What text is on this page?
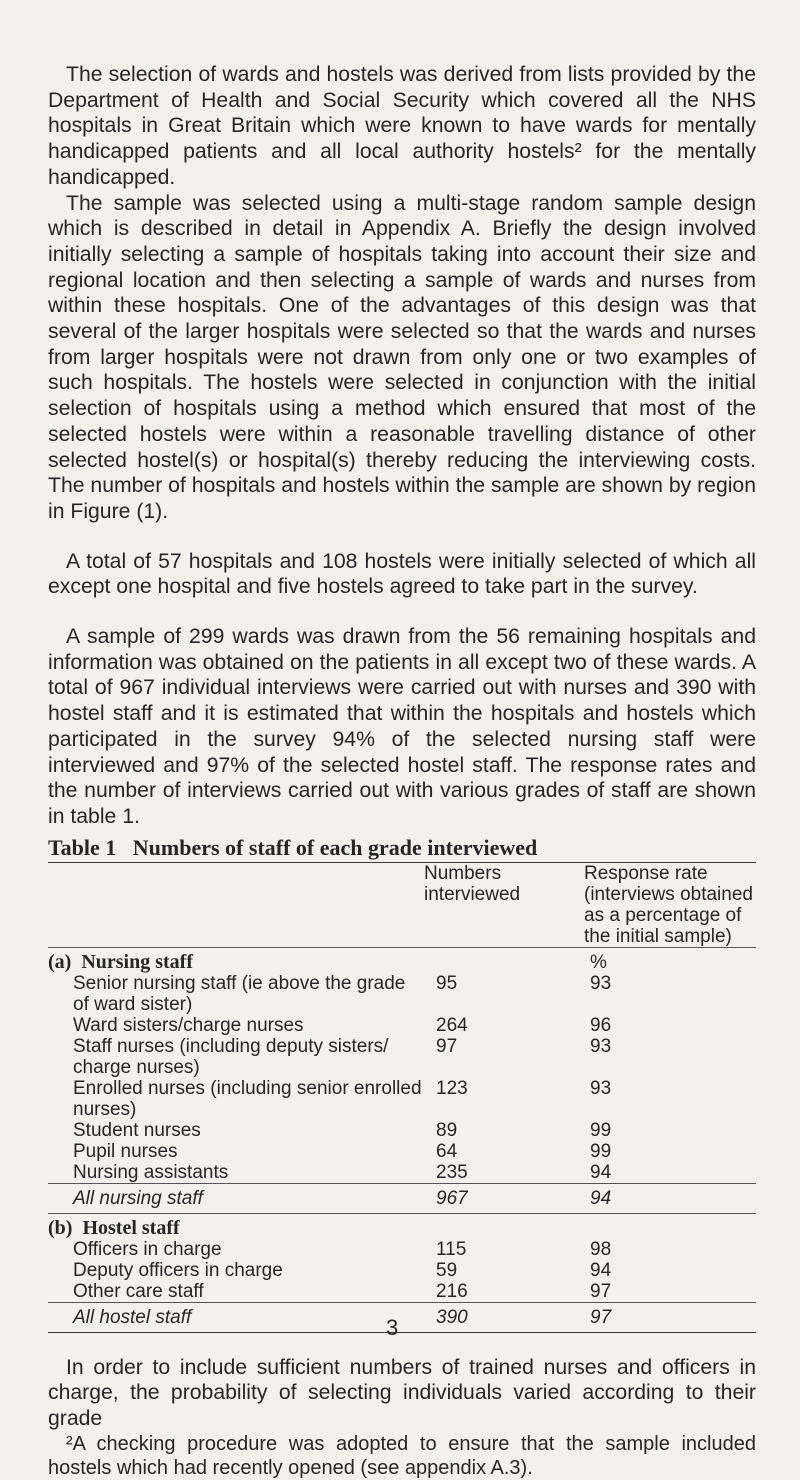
The selection of wards and hostels was derived from lists provided by the Department of Health and Social Security which covered all the NHS hospitals in Great Britain which were known to have wards for mentally handicapped patients and all local authority hostels² for the mentally handicapped.

The sample was selected using a multi-stage random sample design which is described in detail in Appendix A. Briefly the design involved initially selecting a sample of hospitals taking into account their size and regional location and then selecting a sample of wards and nurses from within these hospitals. One of the advantages of this design was that several of the larger hospitals were selected so that the wards and nurses from larger hospitals were not drawn from only one or two examples of such hospitals. The hostels were selected in conjunction with the initial selection of hospitals using a method which ensured that most of the selected hostels were within a reasonable travelling distance of other selected hostel(s) or hospital(s) thereby reducing the interviewing costs. The number of hospitals and hostels within the sample are shown by region in Figure (1).

A total of 57 hospitals and 108 hostels were initially selected of which all except one hospital and five hostels agreed to take part in the survey.

A sample of 299 wards was drawn from the 56 remaining hospitals and information was obtained on the patients in all except two of these wards. A total of 967 individual interviews were carried out with nurses and 390 with hostel staff and it is estimated that within the hospitals and hostels which participated in the survey 94% of the selected nursing staff were interviewed and 97% of the selected hostel staff. The response rates and the number of interviews carried out with various grades of staff are shown in table 1.

Table 1   Numbers of staff of each grade interviewed

	Numbers interviewed	Response rate (interviews obtained as a percentage of the initial sample)

(a)  Nursing staff		%
Senior nursing staff (ie above the grade of ward sister)	95	93
Ward sisters/charge nurses	264	96
Staff nurses (including deputy sisters/ charge nurses)	97	93
Enrolled nurses (including senior enrolled nurses)	123	93
Student nurses	89	99
Pupil nurses	64	99
Nursing assistants	235	94

All nursing staff	967	94

(b)  Hostel staff		
Officers in charge	115	98
Deputy officers in charge	59	94
Other care staff	216	97

All hostel staff	390	97

In order to include sufficient numbers of trained nurses and officers in charge, the probability of selecting individuals varied according to their grade

²A checking procedure was adopted to ensure that the sample included hostels which had recently opened (see appendix A.3).

3
